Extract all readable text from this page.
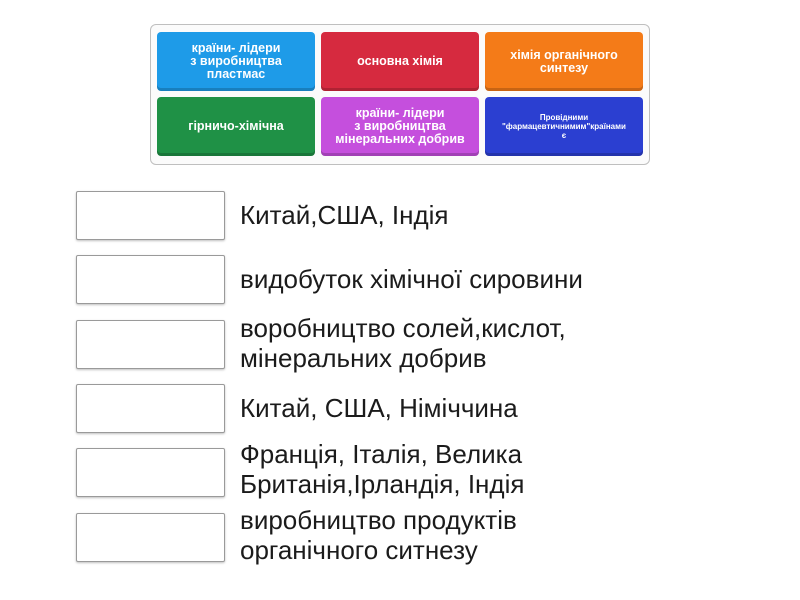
країни- лідери
з виробництва
пластмас
основна хімія	хімія органічного
синтезу
гірничо-хімічна
країни- лідери
з виробництва
мінеральних добрив
Провідними
"фармацевтичнимим"країнами
є
Китай,США, Індія
видобуток хімічної сировини
воробництво солей,кислот,
мінеральних добрив
Китай, США, Німіччина
Франція, Італія, Велика
Британія,Ірландія, Індія
виробництво продуктів
органічного ситнезу
